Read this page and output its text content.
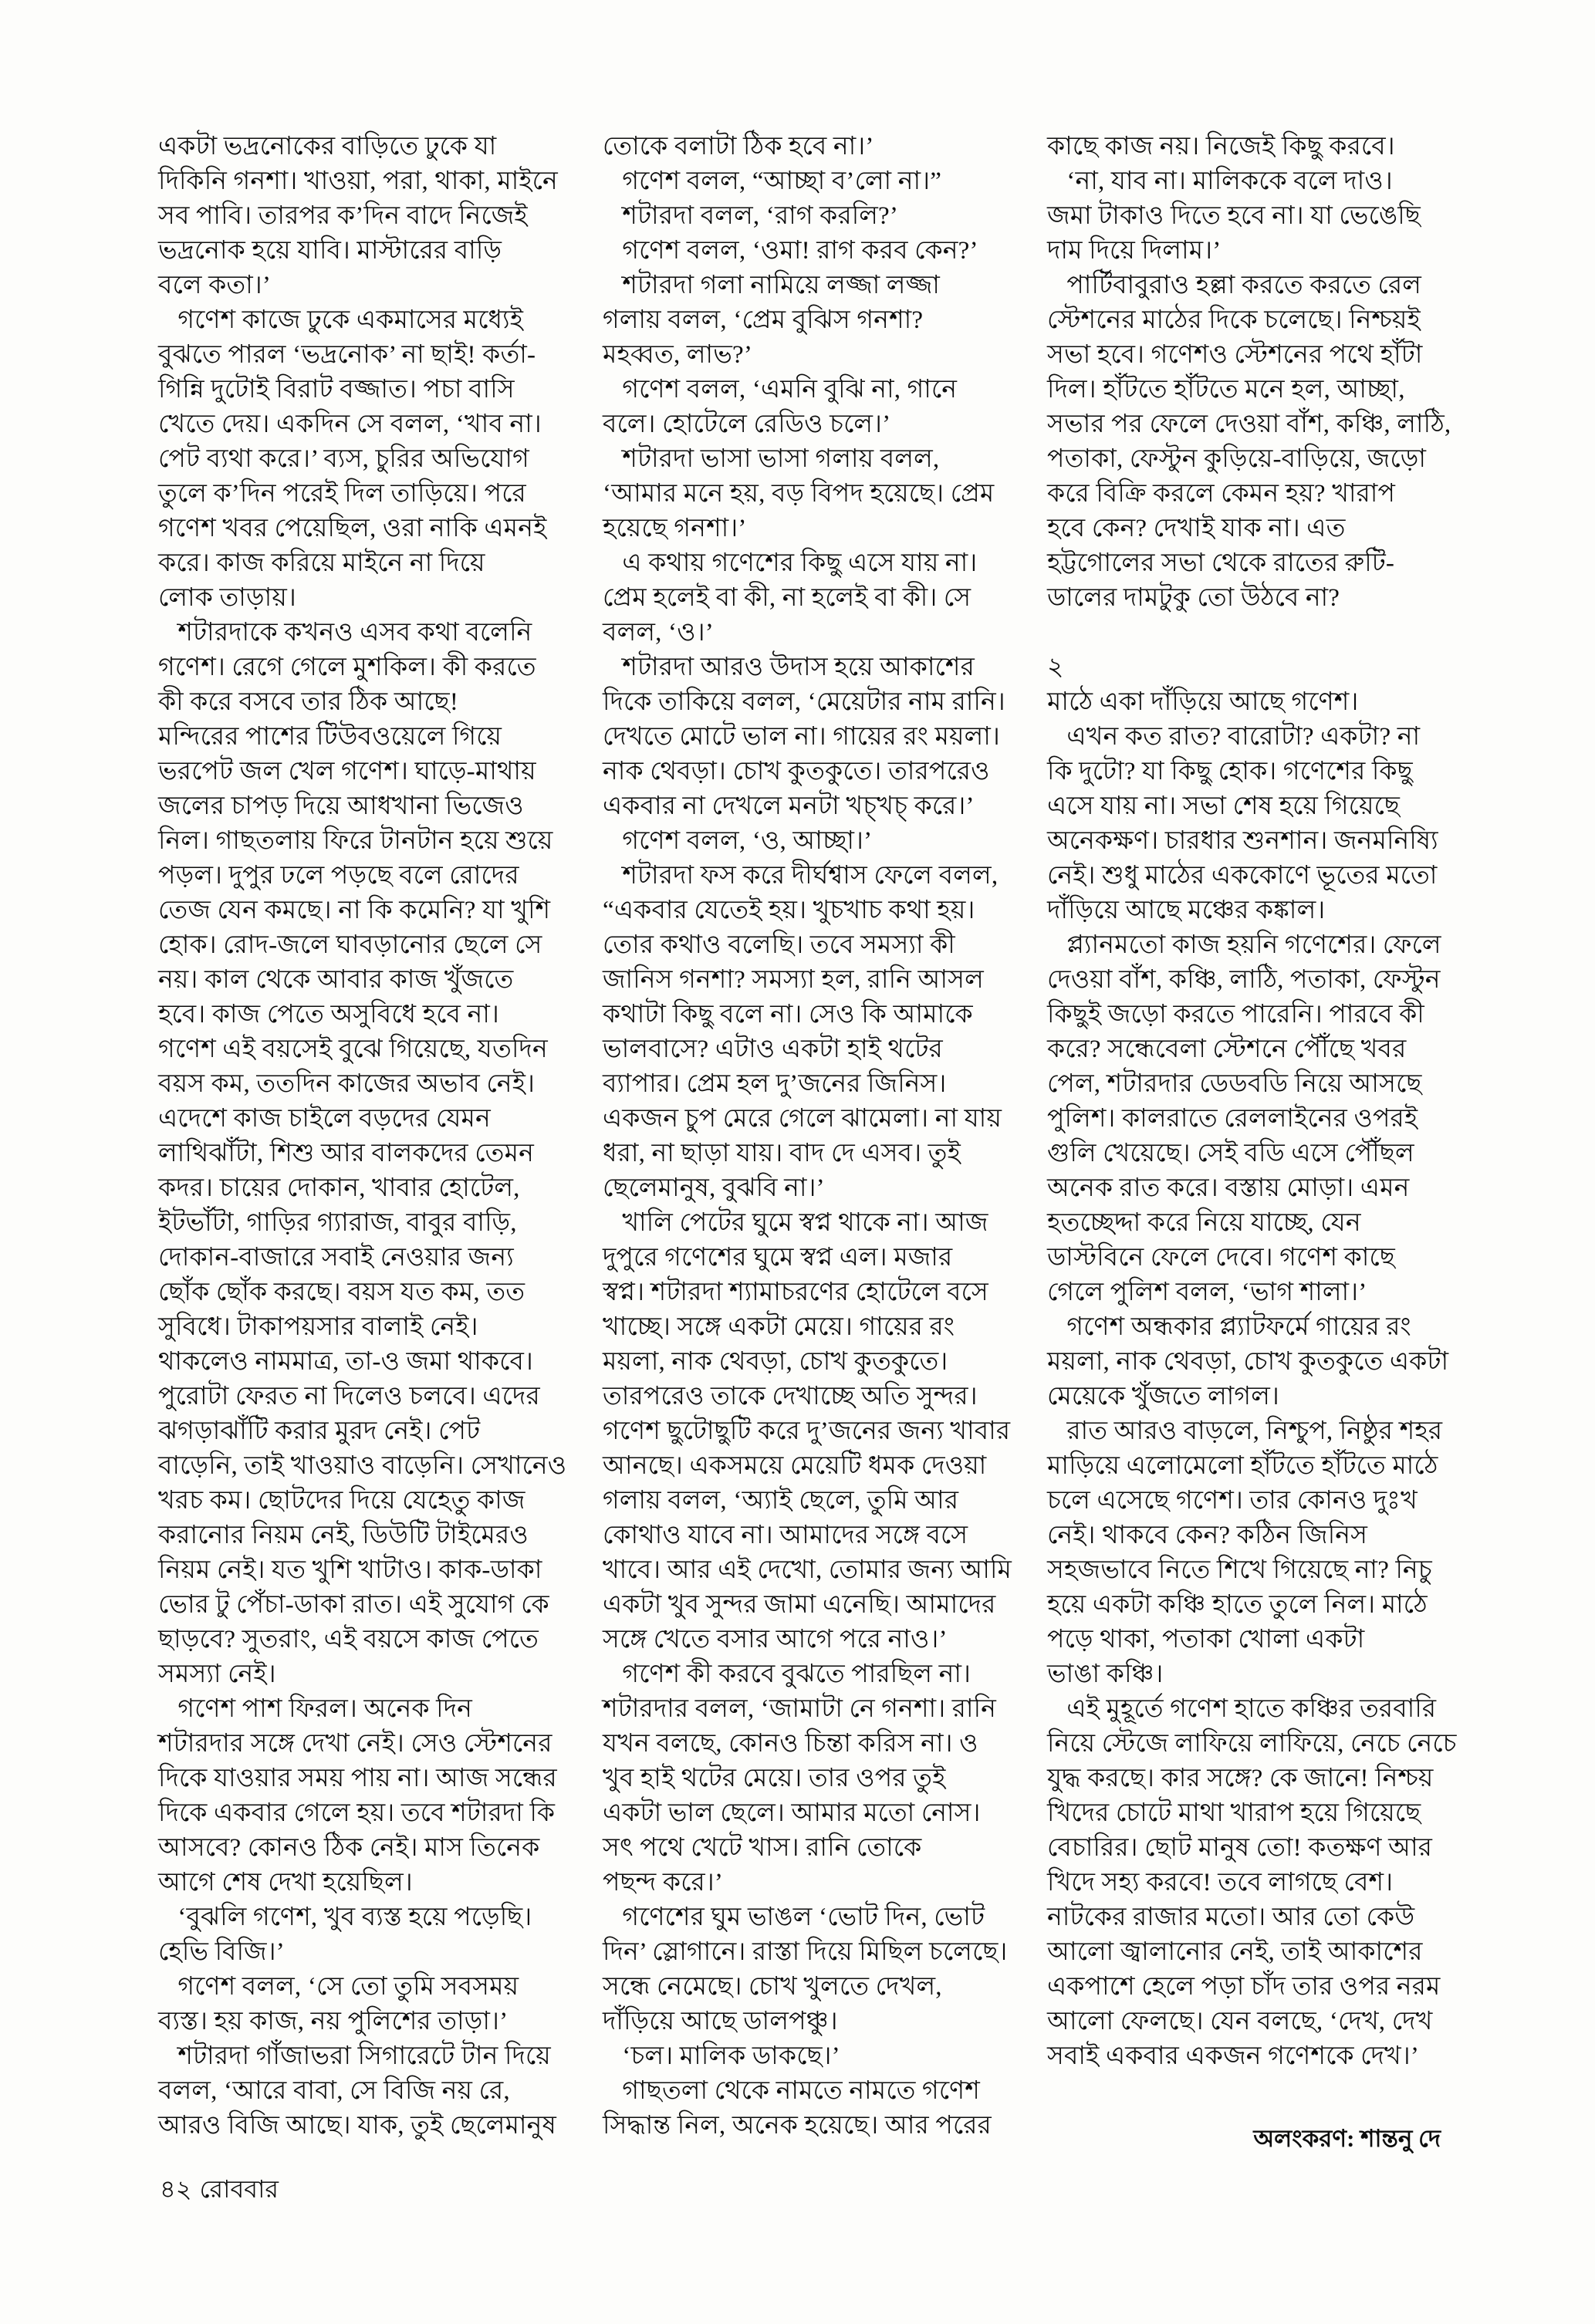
একটা ভদ্রনোকের বাড়িতে ঢুকে যা
দিকিনি গনশা। খাওয়া, পরা, থাকা, মাইনে
সব পাবি। তারপর ক’দিন বাদে নিজেই
ভদ্রনোক হয়ে যাবি। মাস্টারের বাড়ি
বলে কতা।’
গণেশ কাজে ঢুকে একমাসের মধ্যেই
বুঝতে পারল ‘ভদ্রনোক’ না ছাই! কর্তা-
গিন্নি দুটোই বিরাট বজ্জাত। পচা বাসি
খেতে দেয়। একদিন সে বলল, ‘খাব না।
পেট ব্যথা করে।’ ব্যস, চুরির অভিযোগ
তুলে ক’দিন পরেই দিল তাড়িয়ে। পরে
গণেশ খবর পেয়েছিল, ওরা নাকি এমনই
করে। কাজ করিয়ে মাইনে না দিয়ে
লোক তাড়ায়।
শটারদাকে কখনও এসব কথা বলেনি
গণেশ। রেগে গেলে মুশকিল। কী করতে
কী করে বসবে তার ঠিক আছে!
মন্দিরের পাশের টিউবওয়েলে গিয়ে
ভরপেট জল খেল গণেশ। ঘাড়ে-মাথায়
জলের চাপড় দিয়ে আধখানা ভিজেও
নিল। গাছতলায় ফিরে টানটান হয়ে শুয়ে
পড়ল। দুপুর ঢলে পড়ছে বলে রোদের
তেজ যেন কমছে। না কি কমেনি? যা খুশি
হোক। রোদ-জলে ঘাবড়ানোর ছেলে সে
নয়। কাল থেকে আবার কাজ খুঁজতে
হবে। কাজ পেতে অসুবিধে হবে না।
গণেশ এই বয়সেই বুঝে গিয়েছে, যতদিন
বয়স কম, ততদিন কাজের অভাব নেই।
এদেশে কাজ চাইলে বড়দের যেমন
লাথিঝাঁটা, শিশু আর বালকদের তেমন
কদর। চায়ের দোকান, খাবার হোটেল,
ইটভাঁটা, গাড়ির গ্যারাজ, বাবুর বাড়ি,
দোকান-বাজারে সবাই নেওয়ার জন্য
ছোঁক ছোঁক করছে। বয়স যত কম, তত
সুবিধে। টাকাপয়সার বালাই নেই।
থাকলেও নামমাত্র, তা-ও জমা থাকবে।
পুরোটা ফেরত না দিলেও চলবে। এদের
ঝগড়াঝাঁটি করার মুরদ নেই। পেট
বাড়েনি, তাই খাওয়াও বাড়েনি। সেখানেও
খরচ কম। ছোটদের দিয়ে যেহেতু কাজ
করানোর নিয়ম নেই, ডিউটি টাইমেরও
নিয়ম নেই। যত খুশি খাটাও। কাক-ডাকা
ভোর টু পেঁচা-ডাকা রাত। এই সুযোগ কে
ছাড়বে? সুতরাং, এই বয়সে কাজ পেতে
সমস্যা নেই।
গণেশ পাশ ফিরল। অনেক দিন
শটারদার সঙ্গে দেখা নেই। সেও স্টেশনের
দিকে যাওয়ার সময় পায় না। আজ সন্ধের
দিকে একবার গেলে হয়। তবে শটারদা কি
আসবে? কোনও ঠিক নেই। মাস তিনেক
আগে শেষ দেখা হয়েছিল।
‘বুঝলি গণেশ, খুব ব্যস্ত হয়ে পড়েছি।
হেভি বিজি।’
গণেশ বলল, ‘সে তো তুমি সবসময়
ব্যস্ত। হয় কাজ, নয় পুলিশের তাড়া।’
শটারদা গাঁজাভরা সিগারেটে টান দিয়ে
বলল, ‘আরে বাবা, সে বিজি নয় রে,
আরও বিজি আছে। যাক, তুই ছেলেমানুষ
তোকে বলাটা ঠিক হবে না।’
গণেশ বলল, “আচ্ছা ব’লো না।”
শটারদা বলল, ‘রাগ করলি?’
গণেশ বলল, ‘ওমা! রাগ করব কেন?’
শটারদা গলা নামিয়ে লজ্জা লজ্জা
গলায় বলল, ‘প্রেম বুঝিস গনশা?
মহব্বত, লাভ?’
গণেশ বলল, ‘এমনি বুঝি না, গানে
বলে। হোটেলে রেডিও চলে।’
শটারদা ভাসা ভাসা গলায় বলল,
‘আমার মনে হয়, বড় বিপদ হয়েছে। প্রেম
হয়েছে গনশা।’
এ কথায় গণেশের কিছু এসে যায় না।
প্রেম হলেই বা কী, না হলেই বা কী। সে
বলল, ‘ও।’
শটারদা আরও উদাস হয়ে আকাশের
দিকে তাকিয়ে বলল, ‘মেয়েটার নাম রানি।
দেখতে মোটে ভাল না। গায়ের রং ময়লা।
নাক থেবড়া। চোখ কুতকুতে। তারপরেও
একবার না দেখলে মনটা খচ্‌খচ্‌ করে।’
গণেশ বলল, ‘ও, আচ্ছা।’
শটারদা ফস করে দীর্ঘশ্বাস ফেলে বলল,
“একবার যেতেই হয়। খুচখাচ কথা হয়।
তোর কথাও বলেছি। তবে সমস্যা কী
জানিস গনশা? সমস্যা হল, রানি আসল
কথাটা কিছু বলে না। সেও কি আমাকে
ভালবাসে? এটাও একটা হাই থটের
ব্যাপার। প্রেম হল দু’জনের জিনিস।
একজন চুপ মেরে গেলে ঝামেলা। না যায়
ধরা, না ছাড়া যায়। বাদ দে এসব। তুই
ছেলেমানুষ, বুঝবি না।’
খালি পেটের ঘুমে স্বপ্ন থাকে না। আজ
দুপুরে গণেশের ঘুমে স্বপ্ন এল। মজার
স্বপ্ন। শটারদা শ্যামাচরণের হোটেলে বসে
খাচ্ছে। সঙ্গে একটা মেয়ে। গায়ের রং
ময়লা, নাক থেবড়া, চোখ কুতকুতে।
তারপরেও তাকে দেখাচ্ছে অতি সুন্দর।
গণেশ ছুটোছুটি করে দু’জনের জন্য খাবার
আনছে। একসময়ে মেয়েটি ধমক দেওয়া
গলায় বলল, ‘অ্যাই ছেলে, তুমি আর
কোথাও যাবে না। আমাদের সঙ্গে বসে
খাবে। আর এই দেখো, তোমার জন্য আমি
একটা খুব সুন্দর জামা এনেছি। আমাদের
সঙ্গে খেতে বসার আগে পরে নাও।’
গণেশ কী করবে বুঝতে পারছিল না।
শটারদার বলল, ‘জামাটা নে গনশা। রানি
যখন বলছে, কোনও চিন্তা করিস না। ও
খুব হাই থটের মেয়ে। তার ওপর তুই
একটা ভাল ছেলে। আমার মতো নোস।
সৎ পথে খেটে খাস। রানি তোকে
পছন্দ করে।’
গণেশের ঘুম ভাঙল ‘ভোট দিন, ভোট
দিন’ স্লোগানে। রাস্তা দিয়ে মিছিল চলেছে।
সন্ধে নেমেছে। চোখ খুলতে দেখল,
দাঁড়িয়ে আছে ডালপঞ্চু।
‘চল। মালিক ডাকছে।’
গাছতলা থেকে নামতে নামতে গণেশ
সিদ্ধান্ত নিল, অনেক হয়েছে। আর পরের
কাছে কাজ নয়। নিজেই কিছু করবে।
‘না, যাব না। মালিককে বলে দাও।
জমা টাকাও দিতে হবে না। যা ভেঙেছি
দাম দিয়ে দিলাম।’
পার্টিবাবুরাও হল্লা করতে করতে রেল
স্টেশনের মাঠের দিকে চলেছে। নিশ্চয়ই
সভা হবে। গণেশও স্টেশনের পথে হাঁটা
দিল। হাঁটতে হাঁটতে মনে হল, আচ্ছা,
সভার পর ফেলে দেওয়া বাঁশ, কঞ্চি, লাঠি,
পতাকা, ফেস্টুন কুড়িয়ে-বাড়িয়ে, জড়ো
করে বিক্রি করলে কেমন হয়? খারাপ
হবে কেন? দেখাই যাক না। এত
হট্টগোলের সভা থেকে রাতের রুটি-
ডালের দামটুকু তো উঠবে না?

২
মাঠে একা দাঁড়িয়ে আছে গণেশ।
এখন কত রাত? বারোটা? একটা? না
কি দুটো? যা কিছু হোক। গণেশের কিছু
এসে যায় না। সভা শেষ হয়ে গিয়েছে
অনেকক্ষণ। চারধার শুনশান। জনমনিষ্যি
নেই। শুধু মাঠের এককোণে ভূতের মতো
দাঁড়িয়ে আছে মঞ্চের কঙ্কাল।
প্ল্যানমতো কাজ হয়নি গণেশের। ফেলে
দেওয়া বাঁশ, কঞ্চি, লাঠি, পতাকা, ফেস্টুন
কিছুই জড়ো করতে পারেনি। পারবে কী
করে? সন্ধেবেলা স্টেশনে পৌঁছে খবর
পেল, শটারদার ডেডবডি নিয়ে আসছে
পুলিশ। কালরাতে রেললাইনের ওপরই
গুলি খেয়েছে। সেই বডি এসে পৌঁছল
অনেক রাত করে। বস্তায় মোড়া। এমন
হতচ্ছেদ্দা করে নিয়ে যাচ্ছে, যেন
ডাস্টবিনে ফেলে দেবে। গণেশ কাছে
গেলে পুলিশ বলল, ‘ভাগ শালা।’
গণেশ অন্ধকার প্ল্যাটফর্মে গায়ের রং
ময়লা, নাক থেবড়া, চোখ কুতকুতে একটা
মেয়েকে খুঁজতে লাগল।
রাত আরও বাড়লে, নিশ্চুপ, নিষ্ঠুর শহর
মাড়িয়ে এলোমেলো হাঁটতে হাঁটতে মাঠে
চলে এসেছে গণেশ। তার কোনও দুঃখ
নেই। থাকবে কেন? কঠিন জিনিস
সহজভাবে নিতে শিখে গিয়েছে না? নিচু
হয়ে একটা কঞ্চি হাতে তুলে নিল। মাঠে
পড়ে থাকা, পতাকা খোলা একটা
ভাঙা কঞ্চি।
এই মুহূর্তে গণেশ হাতে কঞ্চির তরবারি
নিয়ে স্টেজে লাফিয়ে লাফিয়ে, নেচে নেচে
যুদ্ধ করছে। কার সঙ্গে? কে জানে! নিশ্চয়
খিদের চোটে মাথা খারাপ হয়ে গিয়েছে
বেচারির। ছোট মানুষ তো! কতক্ষণ আর
খিদে সহ্য করবে! তবে লাগছে বেশ।
নাটকের রাজার মতো। আর তো কেউ
আলো জ্বালানোর নেই, তাই আকাশের
একপাশে হেলে পড়া চাঁদ তার ওপর নরম
আলো ফেলছে। যেন বলছে, ‘দেখ, দেখ
সবাই একবার একজন গণেশকে দেখ।’
অলংকরণ: শান্তনু দে
৪২ রোববার
